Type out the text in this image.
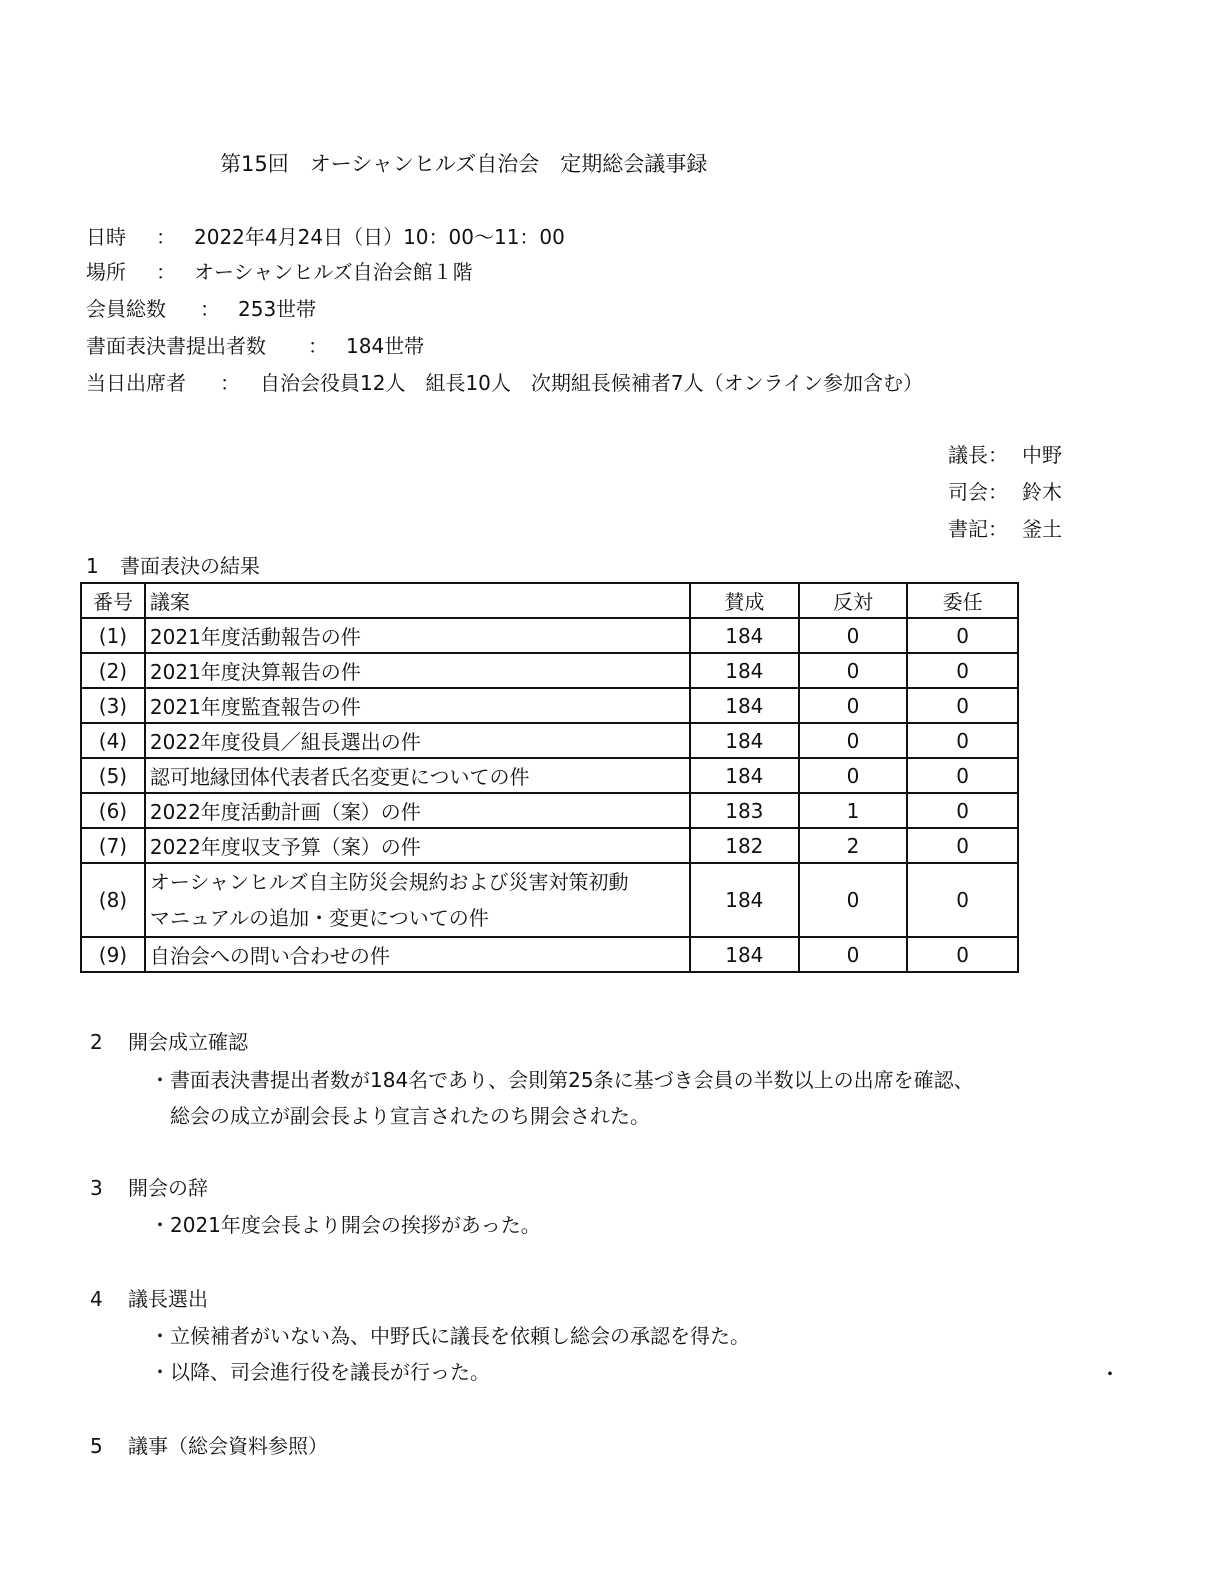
第15回　オーシャンヒルズ自治会　定期総会議事録
日時 ： 2022年4月24日（日）10：00～11：00
場所 ： オーシャンヒルズ自治会館１階
会員総数 ： 253世帯
書面表決書提出者数 ： 184世帯
当日出席者 ： 自治会役員12人　組長10人　次期組長候補者7人（オンライン参加含む）
議長： 中野
司会： 鈴木
書記： 釜土
1 書面表決の結果
番号	議案	賛成	反対	委任
(1)	2021年度活動報告の件	184	0	0
(2)	2021年度決算報告の件	184	0	0
(3)	2021年度監査報告の件	184	0	0
(4)	2022年度役員／組長選出の件	184	0	0
(5)	認可地縁団体代表者氏名変更についての件	184	0	0
(6)	2022年度活動計画（案）の件	183	1	0
(7)	2022年度収支予算（案）の件	182	2	0
(8)	オーシャンヒルズ自主防災会規約および災害対策初動
マニュアルの追加・変更についての件	184	0	0
(9)	自治会への問い合わせの件	184	0	0
2 開会成立確認
・書面表決書提出者数が184名であり、会則第25条に基づき会員の半数以上の出席を確認、
総会の成立が副会長より宣言されたのち開会された。
3 開会の辞
・2021年度会長より開会の挨拶があった。
4 議長選出
・立候補者がいない為、中野氏に議長を依頼し総会の承認を得た。
・以降、司会進行役を議長が行った。	・
5 議事（総会資料参照）
